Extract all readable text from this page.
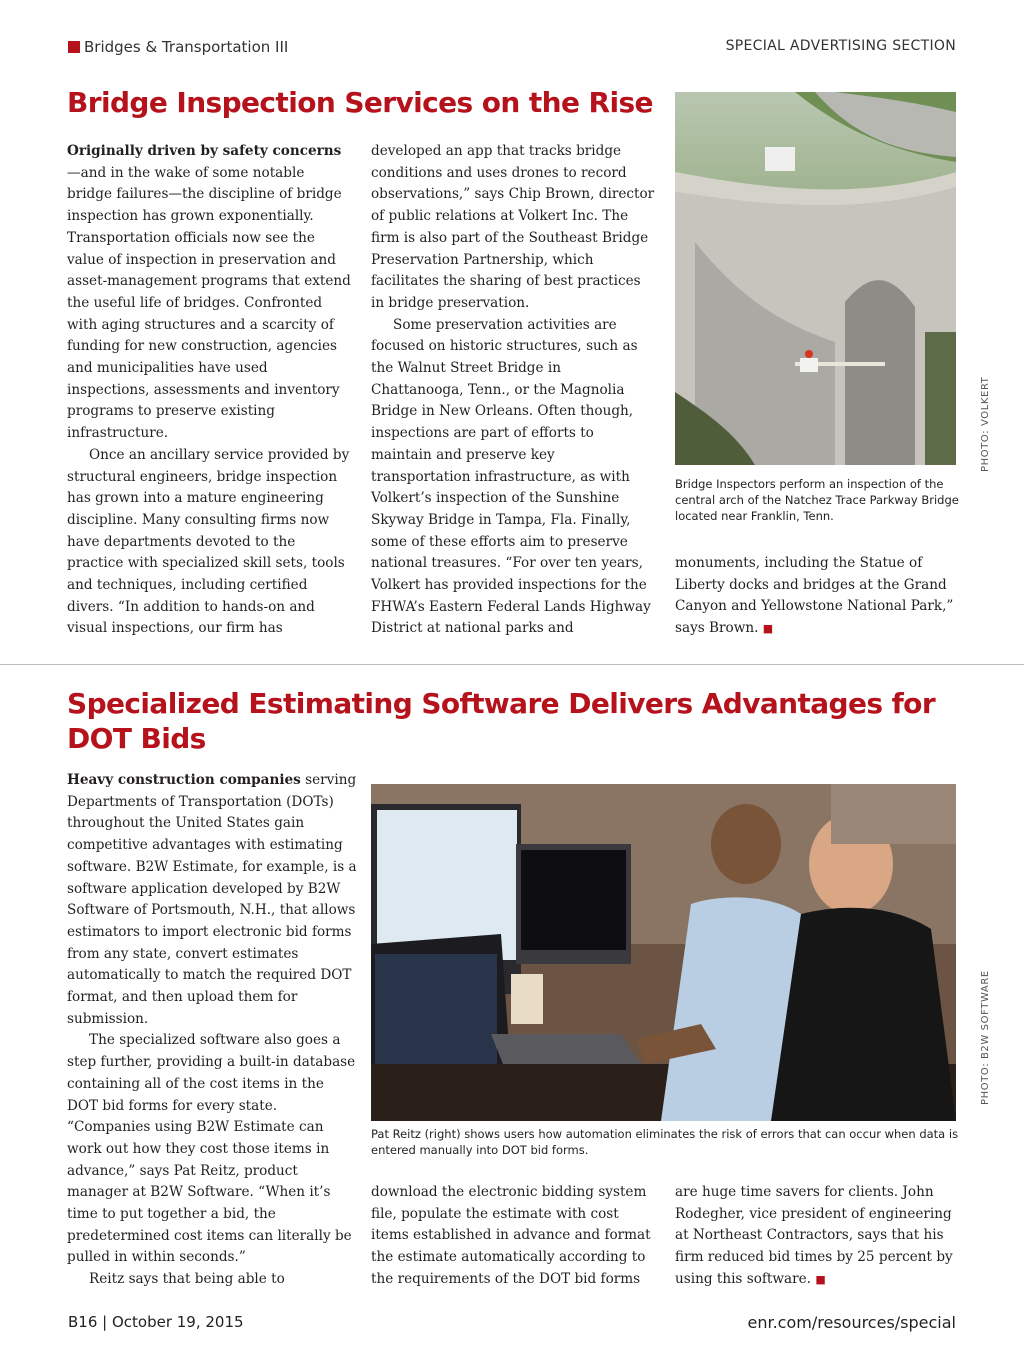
Bridges & Transportation III	SPECIAL ADVERTISING SECTION
Bridge Inspection Services on the Rise

Originally driven by safety concerns—and in the wake of some notable bridge failures—the discipline of bridge inspection has grown exponentially. Transportation officials now see the value of inspection in preservation and asset-management programs that extend the useful life of bridges. Confronted with aging structures and a scarcity of funding for new construction, agencies and municipalities have used inspections, assessments and inventory programs to preserve existing infrastructure.

Once an ancillary service provided by structural engineers, bridge inspection has grown into a mature engineering discipline. Many consulting firms now have departments devoted to the practice with specialized skill sets, tools and techniques, including certified divers. “In addition to hands-on and visual inspections, our firm has

developed an app that tracks bridge conditions and uses drones to record observations,” says Chip Brown, director of public relations at Volkert Inc. The firm is also part of the Southeast Bridge Preservation Partnership, which facilitates the sharing of best practices in bridge preservation.

Some preservation activities are focused on historic structures, such as the Walnut Street Bridge in Chattanooga, Tenn., or the Magnolia Bridge in New Orleans. Often though, inspections are part of efforts to maintain and preserve key transportation infrastructure, as with Volkert’s inspection of the Sunshine Skyway Bridge in Tampa, Fla. Finally, some of these efforts aim to preserve national treasures. “For over ten years, Volkert has provided inspections for the FHWA’s Eastern Federal Lands Highway District at national parks and

Bridge Inspectors perform an inspection of the central arch of the Natchez Trace Parkway Bridge located near Franklin, Tenn.
PHOTO: VOLKERT

monuments, including the Statue of Liberty docks and bridges at the Grand Canyon and Yellowstone National Park,” says Brown. ■

Specialized Estimating Software Delivers Advantages for DOT Bids

Heavy construction companies serving Departments of Transportation (DOTs) throughout the United States gain competitive advantages with estimating software. B2W Estimate, for example, is a software application developed by B2W Software of Portsmouth, N.H., that allows estimators to import electronic bid forms from any state, convert estimates automatically to match the required DOT format, and then upload them for submission.

The specialized software also goes a step further, providing a built-in database containing all of the cost items in the DOT bid forms for every state. “Companies using B2W Estimate can work out how they cost those items in advance,” says Pat Reitz, product manager at B2W Software. “When it’s time to put together a bid, the predetermined cost items can literally be pulled in within seconds.”

Reitz says that being able to

Pat Reitz (right) shows users how automation eliminates the risk of errors that can occur when data is entered manually into DOT bid forms.
PHOTO: B2W SOFTWARE

download the electronic bidding system file, populate the estimate with cost items established in advance and format the estimate automatically according to the requirements of the DOT bid forms

are huge time savers for clients. John Rodegher, vice president of engineering at Northeast Contractors, says that his firm reduced bid times by 25 percent by using this software. ■

B16 | October 19, 2015	enr.com/resources/special
